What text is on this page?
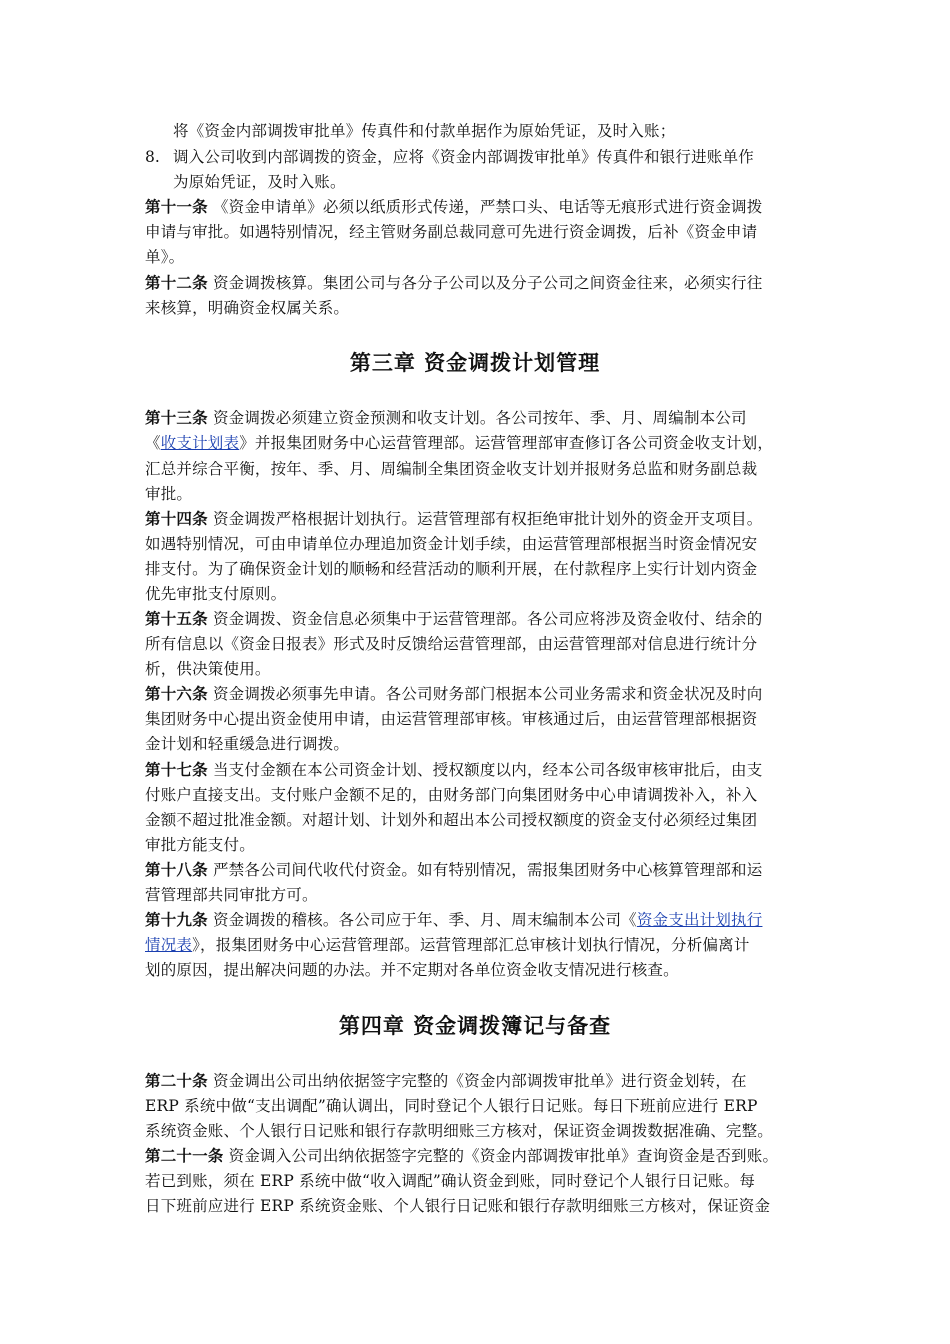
将《资金内部调拨审批单》传真件和付款单据作为原始凭证，及时入账；
8. 调入公司收到内部调拨的资金，应将《资金内部调拨审批单》传真件和银行进账单作
为原始凭证，及时入账。
第十一条 《资金申请单》必须以纸质形式传递，严禁口头、电话等无痕形式进行资金调拨
申请与审批。如遇特别情况，经主管财务副总裁同意可先进行资金调拨，后补《资金申请
单》。
第十二条 资金调拨核算。集团公司与各分子公司以及分子公司之间资金往来，必须实行往
来核算，明确资金权属关系。
第三章 资金调拨计划管理
第十三条 资金调拨必须建立资金预测和收支计划。各公司按年、季、月、周编制本公司
《收支计划表》并报集团财务中心运营管理部。运营管理部审查修订各公司资金收支计划，
汇总并综合平衡，按年、季、月、周编制全集团资金收支计划并报财务总监和财务副总裁
审批。
第十四条 资金调拨严格根据计划执行。运营管理部有权拒绝审批计划外的资金开支项目。
如遇特别情况，可由申请单位办理追加资金计划手续，由运营管理部根据当时资金情况安
排支付。为了确保资金计划的顺畅和经营活动的顺利开展，在付款程序上实行计划内资金
优先审批支付原则。
第十五条 资金调拨、资金信息必须集中于运营管理部。各公司应将涉及资金收付、结余的
所有信息以《资金日报表》形式及时反馈给运营管理部，由运营管理部对信息进行统计分
析，供决策使用。
第十六条 资金调拨必须事先申请。各公司财务部门根据本公司业务需求和资金状况及时向
集团财务中心提出资金使用申请，由运营管理部审核。审核通过后，由运营管理部根据资
金计划和轻重缓急进行调拨。
第十七条 当支付金额在本公司资金计划、授权额度以内，经本公司各级审核审批后，由支
付账户直接支出。支付账户金额不足的，由财务部门向集团财务中心申请调拨补入，补入
金额不超过批准金额。对超计划、计划外和超出本公司授权额度的资金支付必须经过集团
审批方能支付。
第十八条 严禁各公司间代收代付资金。如有特别情况，需报集团财务中心核算管理部和运
营管理部共同审批方可。
第十九条 资金调拨的稽核。各公司应于年、季、月、周末编制本公司《资金支出计划执行
情况表》，报集团财务中心运营管理部。运营管理部汇总审核计划执行情况，分析偏离计
划的原因，提出解决问题的办法。并不定期对各单位资金收支情况进行核查。
第四章 资金调拨簿记与备查
第二十条 资金调出公司出纳依据签字完整的《资金内部调拨审批单》进行资金划转，在
ERP 系统中做“支出调配”确认调出，同时登记个人银行日记账。每日下班前应进行 ERP
系统资金账、个人银行日记账和银行存款明细账三方核对，保证资金调拨数据准确、完整。
第二十一条 资金调入公司出纳依据签字完整的《资金内部调拨审批单》查询资金是否到账。
若已到账，须在 ERP 系统中做“收入调配”确认资金到账，同时登记个人银行日记账。每
日下班前应进行 ERP 系统资金账、个人银行日记账和银行存款明细账三方核对，保证资金
